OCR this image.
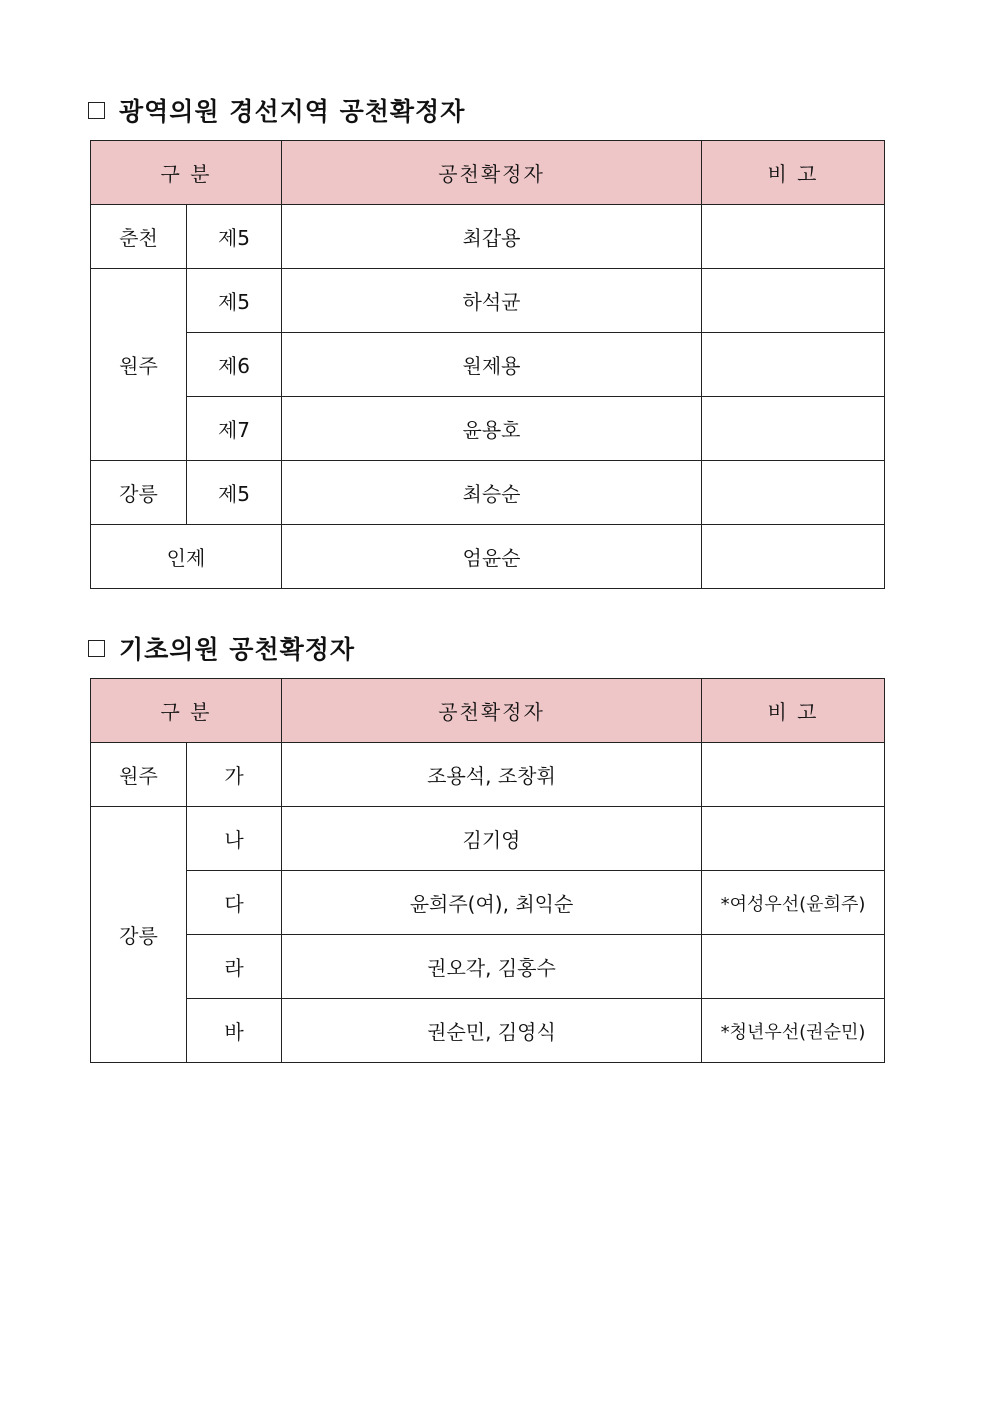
광역의원 경선지역 공천확정자
구 분		공천확정자	비 고
춘천	제5	최갑용	
원주	제5	하석균	
	제6	원제용	
	제7	윤용호	
강릉	제5	최승순	
인제		엄윤순	
기초의원 공천확정자
구 분		공천확정자	비 고
원주	가	조용석, 조창휘	
강릉	나	김기영	
	다	윤희주(여), 최익순	*여성우선(윤희주)
	라	권오각, 김홍수	
	바	권순민, 김영식	*청년우선(권순민)
